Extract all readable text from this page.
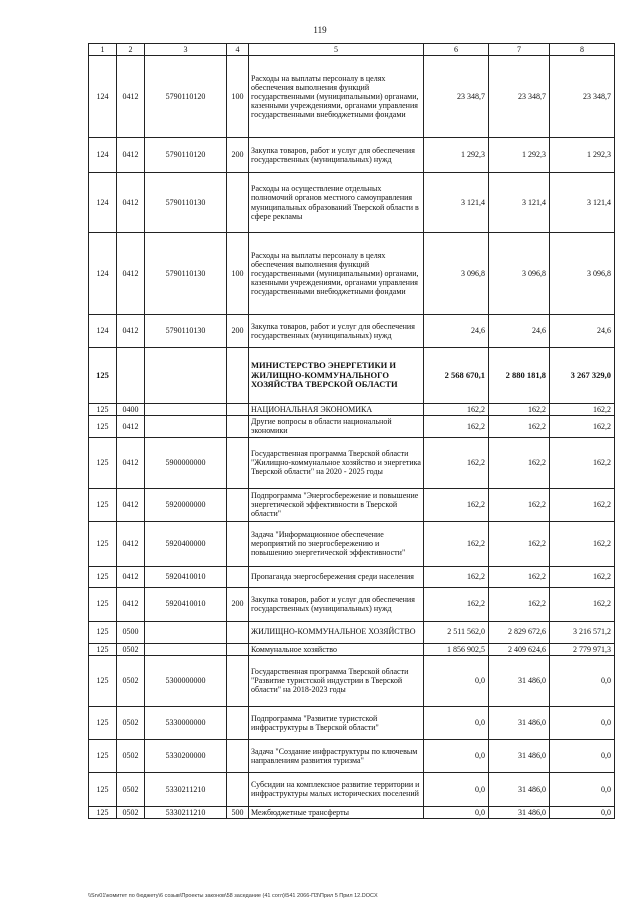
119
1	2	3	4	5	6	7	8
124	0412	5790110120	100	Расходы на выплаты персоналу в целях обеспечения выполнения функций государственными (муниципальными) органами, казенными учреждениями, органами управления государственными внебюджетными фондами	23 348,7	23 348,7	23 348,7
124	0412	5790110120	200	Закупка товаров, работ и услуг для обеспечения государственных (муниципальных) нужд	1 292,3	1 292,3	1 292,3
124	0412	5790110130		Расходы на осуществление отдельных полномочий органов местного самоуправления муниципальных образований Тверской области в сфере рекламы	3 121,4	3 121,4	3 121,4
124	0412	5790110130	100	Расходы на выплаты персоналу в целях обеспечения выполнения функций государственными (муниципальными) органами, казенными учреждениями, органами управления государственными внебюджетными фондами	3 096,8	3 096,8	3 096,8
124	0412	5790110130	200	Закупка товаров, работ и услуг для обеспечения государственных (муниципальных) нужд	24,6	24,6	24,6
125				МИНИСТЕРСТВО ЭНЕРГЕТИКИ И ЖИЛИЩНО-КОММУНАЛЬНОГО ХОЗЯЙСТВА ТВЕРСКОЙ ОБЛАСТИ	2 568 670,1	2 880 181,8	3 267 329,0
125	0400			НАЦИОНАЛЬНАЯ ЭКОНОМИКА	162,2	162,2	162,2
125	0412			Другие вопросы в области национальной экономики	162,2	162,2	162,2
125	0412	5900000000		Государственная программа Тверской области "Жилищно-коммунальное хозяйство и энергетика Тверской области" на 2020 - 2025 годы	162,2	162,2	162,2
125	0412	5920000000		Подпрограмма "Энергосбережение и повышение энергетической эффективности в Тверской области"	162,2	162,2	162,2
125	0412	5920400000		Задача "Информационное обеспечение мероприятий по энергосбережению и повышению энергетической эффективности"	162,2	162,2	162,2
125	0412	5920410010		Пропаганда энергосбережения среди населения	162,2	162,2	162,2
125	0412	5920410010	200	Закупка товаров, работ и услуг для обеспечения государственных (муниципальных) нужд	162,2	162,2	162,2
125	0500			ЖИЛИЩНО-КОММУНАЛЬНОЕ ХОЗЯЙСТВО	2 511 562,0	2 829 672,6	3 216 571,2
125	0502			Коммунальное хозяйство	1 856 902,5	2 409 624,6	2 779 971,3
125	0502	5300000000		Государственная программа Тверской области "Развитие туристской индустрии в Тверской области" на 2018-2023 годы	0,0	31 486,0	0,0
125	0502	5330000000		Подпрограмма "Развитие туристской инфраструктуры в Тверской области"	0,0	31 486,0	0,0
125	0502	5330200000		Задача "Создание инфраструктуры по ключевым направлениям развития туризма"	0,0	31 486,0	0,0
125	0502	5330211210		Субсидии на комплексное развитие территории и инфраструктуры малых исторических поселений	0,0	31 486,0	0,0
125	0502	5330211210	500	Межбюджетные трансферты	0,0	31 486,0	0,0
\\Srv01\комитет по бюджету\6 созыв\Проекты законов\58 заседание (41 согл)\541 2066-ПЗ\Прил 5 Прил 12.DOCX
